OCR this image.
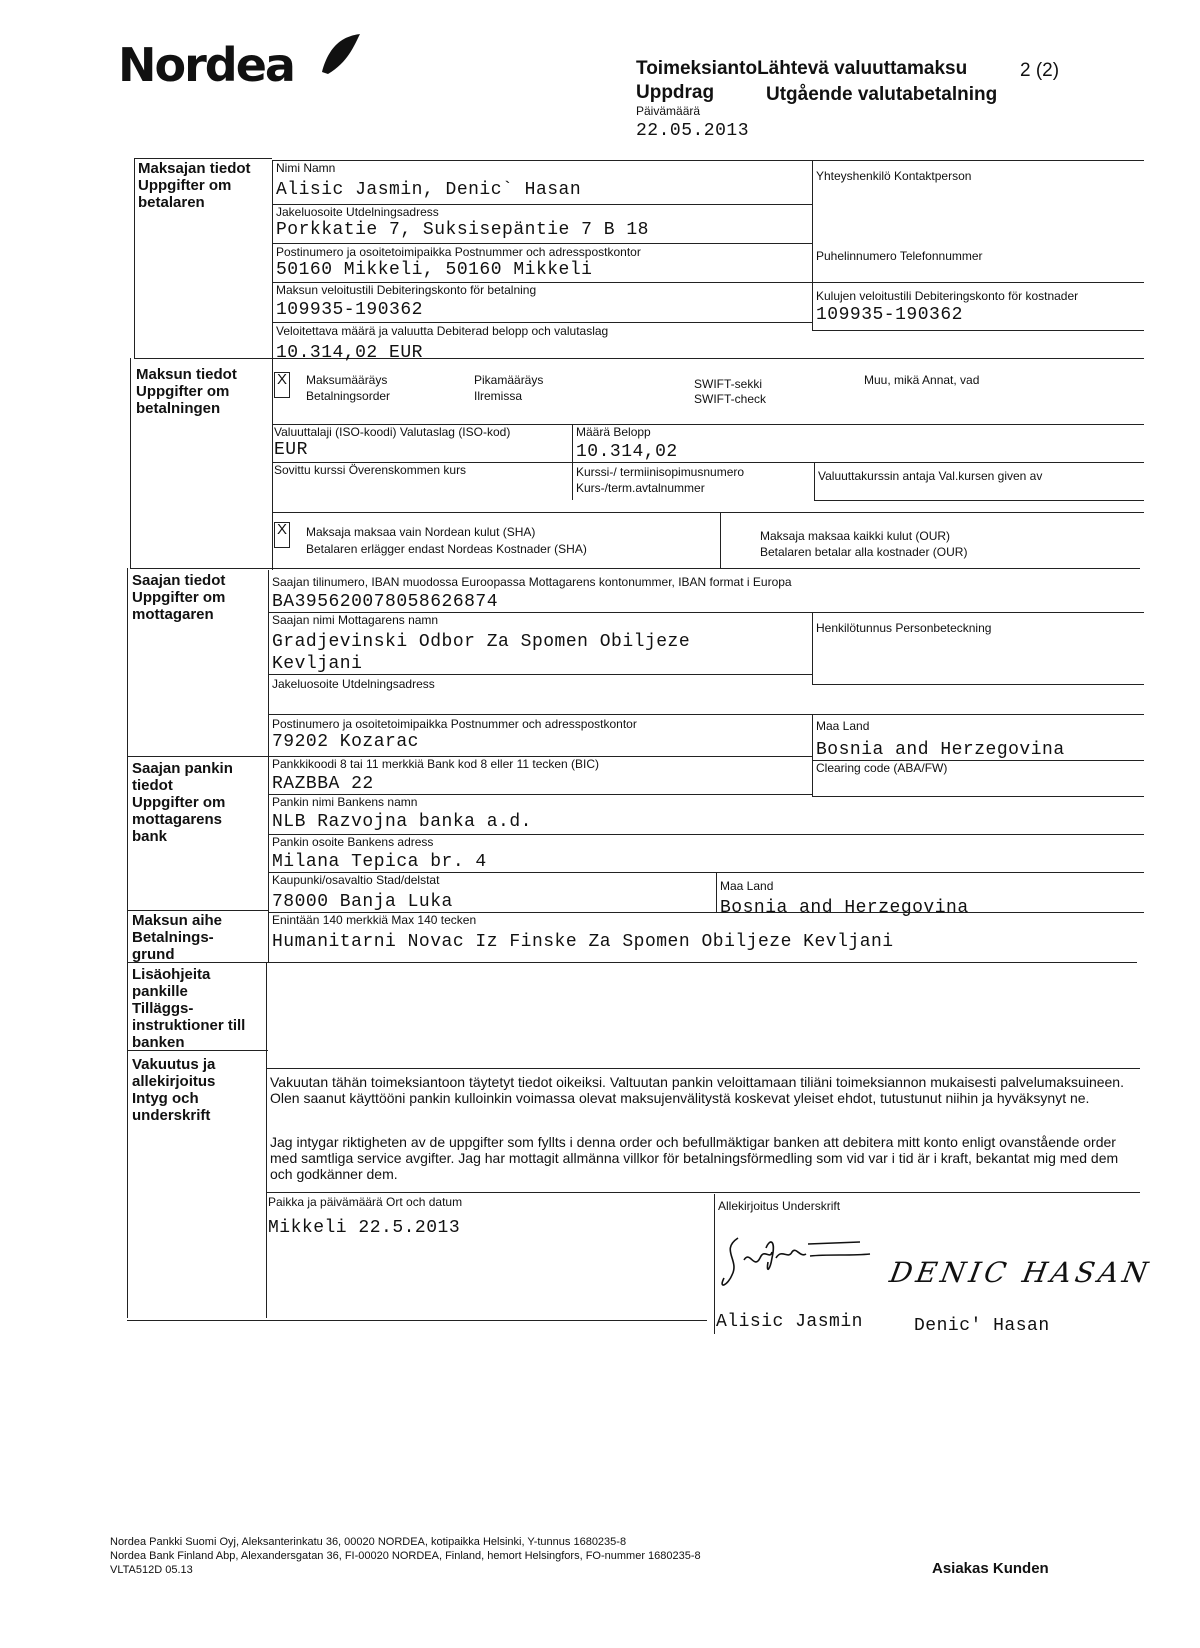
Nordea	ToimeksiantoLähtevä valuuttamaksu	2 (2)
Uppdrag	Utgående valutabetalning
Päivämäärä
22.05.2013
Maksajan tiedot
Uppgifter om
betalaren
Nimi Namn
Alisic Jasmin, Denic` Hasan
Yhteyshenkilö Kontaktperson
Jakeluosoite Utdelningsadress
Porkkatie 7, Suksisepäntie 7 B 18
Postinumero ja osoitetoimipaikka Postnummer och adresspostkontor
50160 Mikkeli, 50160 Mikkeli
Puhelinnumero Telefonnummer
Maksun veloitustili Debiteringskonto för betalning
109935-190362
Kulujen veloitustili Debiteringskonto för kostnader
109935-190362
Veloitettava määrä ja valuutta Debiterad belopp och valutaslag
10.314,02 EUR
Maksun tiedot
Uppgifter om
betalningen
X Maksumääräys
Betalningsorder
Pikamääräys
Ilremissa
SWIFT-sekki
SWIFT-check
Muu, mikä Annat, vad
Valuuttalaji (ISO-koodi) Valutaslag (ISO-kod)
EUR
Määrä Belopp
10.314,02
Sovittu kurssi Överenskommen kurs	Kurssi-/ termiinisopimusnumero
Kurs-/term.avtalnummer
Valuuttakurssin antaja Val.kursen given av
X Maksaja maksaa vain Nordean kulut (SHA)
Betalaren erlägger endast Nordeas Kostnader (SHA)
Maksaja maksaa kaikki kulut (OUR)
Betalaren betalar alla kostnader (OUR)
Saajan tiedot
Uppgifter om
mottagaren
Saajan tilinumero, IBAN muodossa Euroopassa Mottagarens kontonummer, IBAN format i Europa
BA395620078058626874
Saajan nimi Mottagarens namn
Gradjevinski Odbor Za Spomen Obiljeze
Kevljani
Henkilötunnus Personbeteckning
Jakeluosoite Utdelningsadress
Postinumero ja osoitetoimipaikka Postnummer och adresspostkontor
79202 Kozarac
Maa Land
Bosnia and Herzegovina
Saajan pankin
tiedot
Uppgifter om
mottagarens
bank
Pankkikoodi 8 tai 11 merkkiä Bank kod 8 eller 11 tecken (BIC)
RAZBBA 22
Clearing code (ABA/FW)
Pankin nimi Bankens namn
NLB Razvojna banka a.d.
Pankin osoite Bankens adress
Milana Tepica br. 4
Kaupunki/osavaltio Stad/delstat
78000 Banja Luka
Maa Land
Bosnia and Herzegovina
Maksun aihe
Betalnings-
grund
Enintään 140 merkkiä Max 140 tecken
Humanitarni Novac Iz Finske Za Spomen Obiljeze Kevljani
Lisäohjeita
pankille
Tilläggs-
instruktioner till
banken
Vakuutus ja
allekirjoitus
Intyg och
underskrift
Vakuutan tähän toimeksiantoon täytetyt tiedot oikeiksi. Valtuutan pankin veloittamaan tiliäni toimeksiannon mukaisesti palvelumaksuineen. Olen saanut käyttööni pankin kulloinkin voimassa olevat maksujenvälitystä koskevat yleiset ehdot, tutustunut niihin ja hyväksynyt ne.
Jag intygar riktigheten av de uppgifter som fyllts i denna order och befullmäktigar banken att debitera mitt konto enligt ovanstående order med samtliga service avgifter. Jag har mottagit allmänna villkor för betalningsförmedling som vid var i tid är i kraft, bekantat mig med dem och godkänner dem.
Paikka ja päivämäärä Ort och datum
Mikkeli 22.5.2013
Allekirjoitus Underskrift
DENIC HASAN
Alisic Jasmin	Denic' Hasan
Nordea Pankki Suomi Oyj, Aleksanterinkatu 36, 00020 NORDEA, kotipaikka Helsinki, Y-tunnus 1680235-8
Nordea Bank Finland Abp, Alexandersgatan 36, FI-00020 NORDEA, Finland, hemort Helsingfors, FO-nummer 1680235-8
VLTA512D 05.13	Asiakas Kunden
